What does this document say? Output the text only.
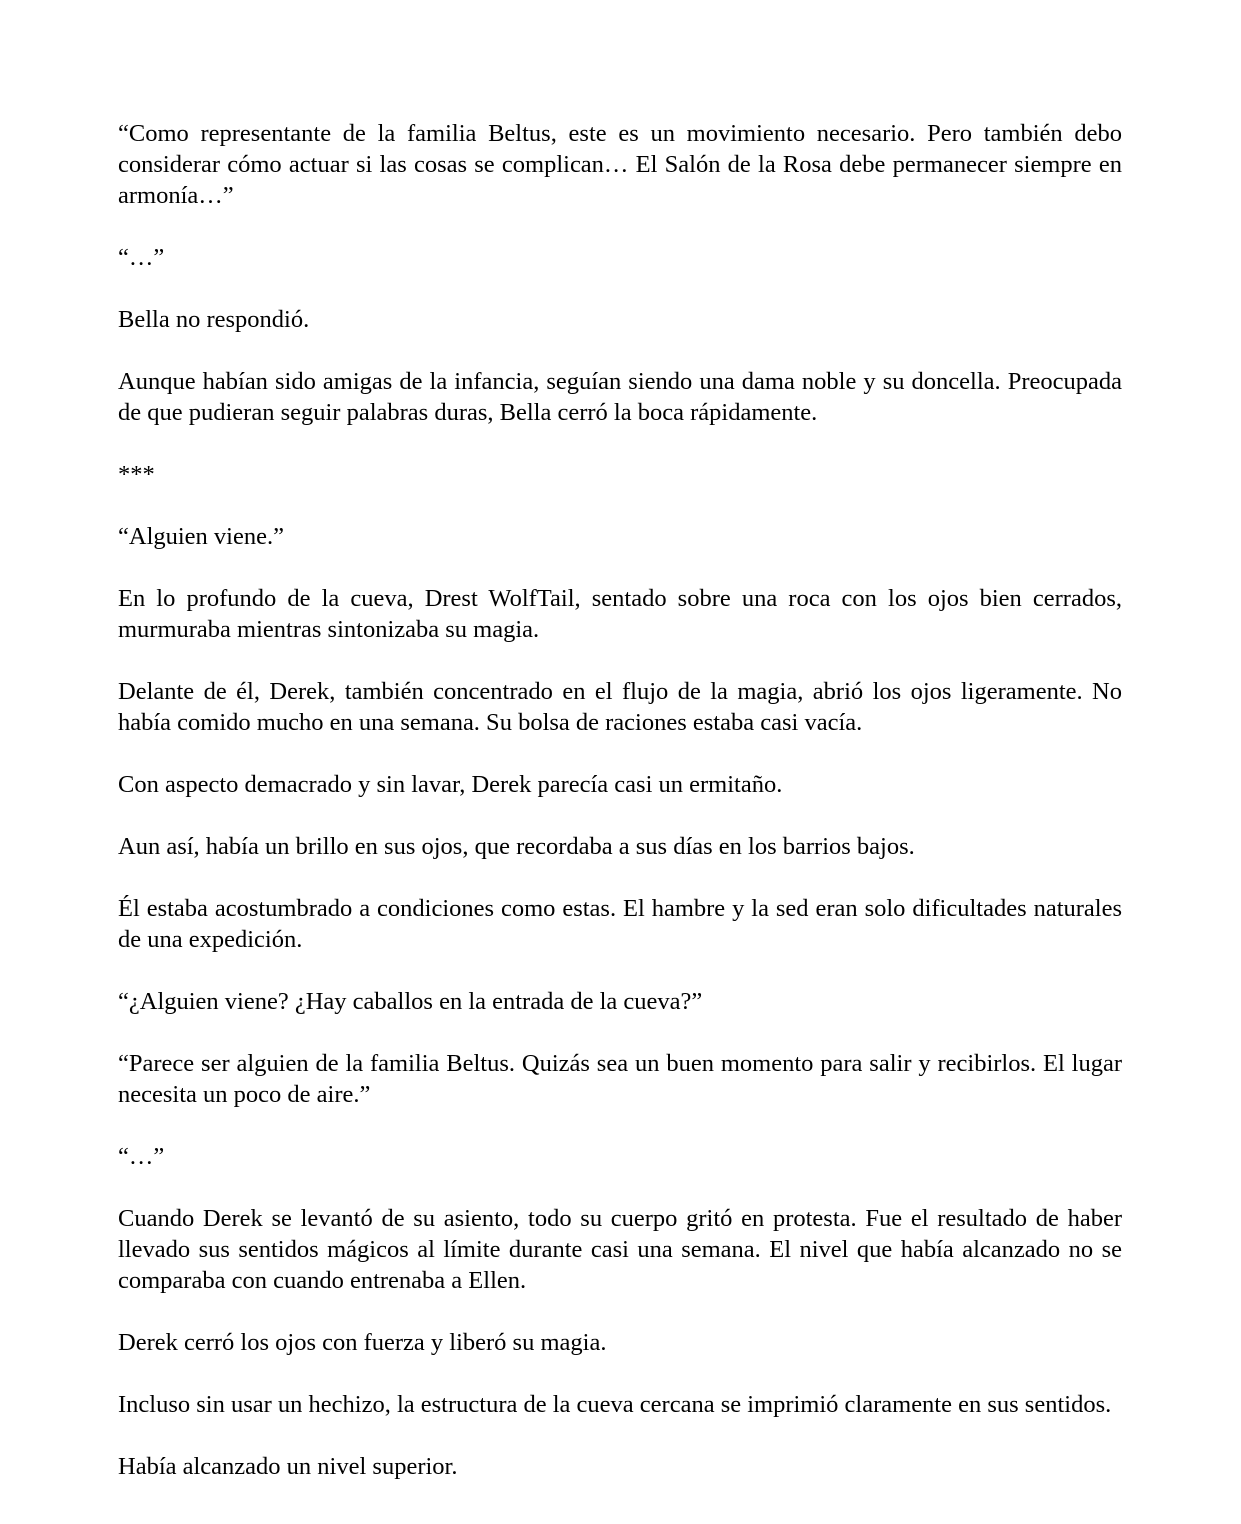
“Como representante de la familia Beltus, este es un movimiento necesario. Pero también debo considerar cómo actuar si las cosas se complican… El Salón de la Rosa debe permanecer siempre en armonía…”

“…”

Bella no respondió.

Aunque habían sido amigas de la infancia, seguían siendo una dama noble y su doncella. Preocupada de que pudieran seguir palabras duras, Bella cerró la boca rápidamente.

***

“Alguien viene.”

En lo profundo de la cueva, Drest WolfTail, sentado sobre una roca con los ojos bien cerrados, murmuraba mientras sintonizaba su magia.

Delante de él, Derek, también concentrado en el flujo de la magia, abrió los ojos ligeramente. No había comido mucho en una semana. Su bolsa de raciones estaba casi vacía.

Con aspecto demacrado y sin lavar, Derek parecía casi un ermitaño.

Aun así, había un brillo en sus ojos, que recordaba a sus días en los barrios bajos.

Él estaba acostumbrado a condiciones como estas. El hambre y la sed eran solo dificultades naturales de una expedición.

“¿Alguien viene? ¿Hay caballos en la entrada de la cueva?”

“Parece ser alguien de la familia Beltus. Quizás sea un buen momento para salir y recibirlos. El lugar necesita un poco de aire.”

“…”

Cuando Derek se levantó de su asiento, todo su cuerpo gritó en protesta. Fue el resultado de haber llevado sus sentidos mágicos al límite durante casi una semana. El nivel que había alcanzado no se comparaba con cuando entrenaba a Ellen.

Derek cerró los ojos con fuerza y liberó su magia.

Incluso sin usar un hechizo, la estructura de la cueva cercana se imprimió claramente en sus sentidos.

Había alcanzado un nivel superior.
